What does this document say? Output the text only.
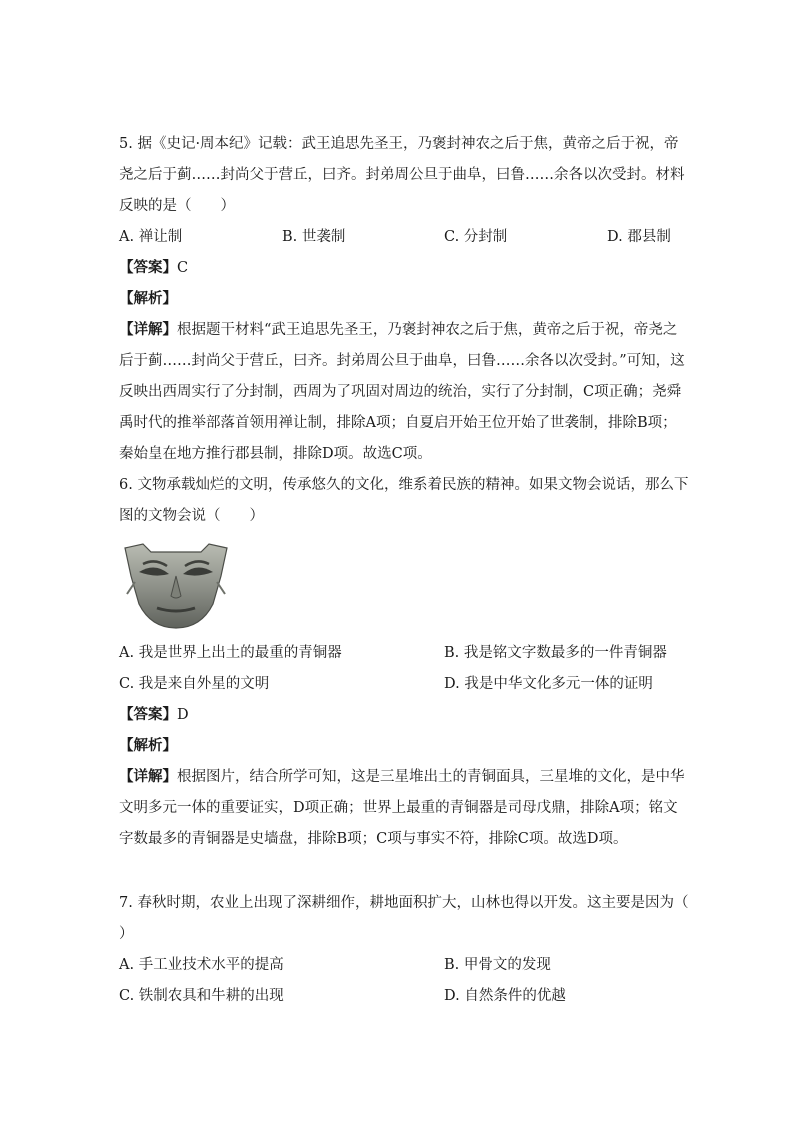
5. 据《史记·周本纪》记载：武王追思先圣王，乃褒封神农之后于焦，黄帝之后于祝，帝
尧之后于蓟……封尚父于营丘，曰齐。封弟周公旦于曲阜，曰鲁……余各以次受封。材料
反映的是（　　）
A. 禅让制	B. 世袭制	C. 分封制	D. 郡县制
【答案】C
【解析】
【详解】根据题干材料“武王追思先圣王，乃褒封神农之后于焦，黄帝之后于祝，帝尧之
后于蓟……封尚父于营丘，曰齐。封弟周公旦于曲阜，曰鲁……余各以次受封。”可知，这
反映出西周实行了分封制，西周为了巩固对周边的统治，实行了分封制，C项正确；尧舜
禹时代的推举部落首领用禅让制，排除A项；自夏启开始王位开始了世袭制，排除B项；
秦始皇在地方推行郡县制，排除D项。故选C项。
6. 文物承载灿烂的文明，传承悠久的文化，维系着民族的精神。如果文物会说话，那么下
图的文物会说（　　）
A. 我是世界上出土的最重的青铜器	B. 我是铭文字数最多的一件青铜器
C. 我是来自外星的文明	D. 我是中华文化多元一体的证明
【答案】D
【解析】
【详解】根据图片，结合所学可知，这是三星堆出土的青铜面具，三星堆的文化，是中华
文明多元一体的重要证实，D项正确；世界上最重的青铜器是司母戊鼎，排除A项；铭文
字数最多的青铜器是史墙盘，排除B项；C项与事实不符，排除C项。故选D项。
7. 春秋时期，农业上出现了深耕细作，耕地面积扩大，山林也得以开发。这主要是因为（
）
A. 手工业技术水平的提高	B. 甲骨文的发现
C. 铁制农具和牛耕的出现	D. 自然条件的优越
